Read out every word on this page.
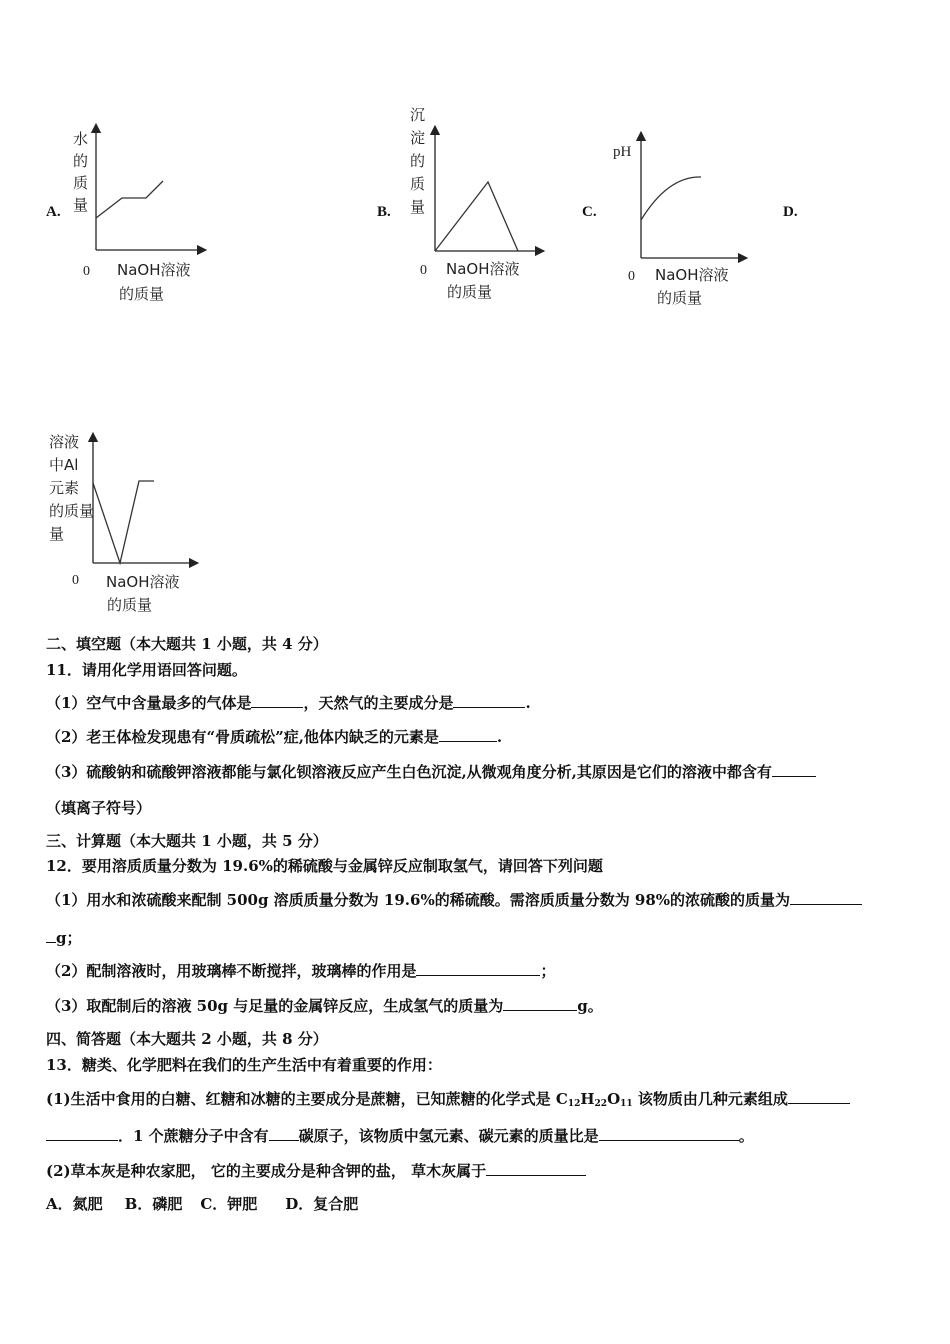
A.	B.	C.	D.
水
的
质
量
0 NaOH溶液
的质量
沉
淀
的
质
量
0 NaOH溶液
的质量
pH
0 NaOH溶液
的质量
溶液
中Al
元素
的质量
量
0 NaOH溶液
的质量
二、填空题（本大题共 1 小题，共 4 分）
11．请用化学用语回答问题。
（1）空气中含量最多的气体是	，天然气的主要成分是	.
（2）老王体检发现患有“骨质疏松”症,他体内缺乏的元素是	.
（3）硫酸钠和硫酸钾溶液都能与氯化钡溶液反应产生白色沉淀,从微观角度分析,其原因是它们的溶液中都含有
（填离子符号）
三、计算题（本大题共 1 小题，共 5 分）
12．要用溶质质量分数为 19.6%的稀硫酸与金属锌反应制取氢气，请回答下列问题
（1）用水和浓硫酸来配制 500g 溶质质量分数为 19.6%的稀硫酸。需溶质质量分数为 98%的浓硫酸的质量为
g；
（2）配制溶液时，用玻璃棒不断搅拌，玻璃棒的作用是	；
（3）取配制后的溶液 50g 与足量的金属锌反应，生成氢气的质量为	g。
四、简答题（本大题共 2 小题，共 8 分）
13．糖类、化学肥料在我们的生产生活中有着重要的作用：
(1)生活中食用的白糖、红糖和冰糖的主要成分是蔗糖，已知蔗糖的化学式是 $C_{12}H_{22}O_{11}$ 该物质由几种元素组成
．1 个蔗糖分子中含有 碳原子，该物质中氢元素、碳元素的质量比是	。
(2)草本灰是种农家肥， 它的主要成分是种含钾的盐， 草木灰属于
A．氮肥 B．磷肥 C．钾肥 D．复合肥
